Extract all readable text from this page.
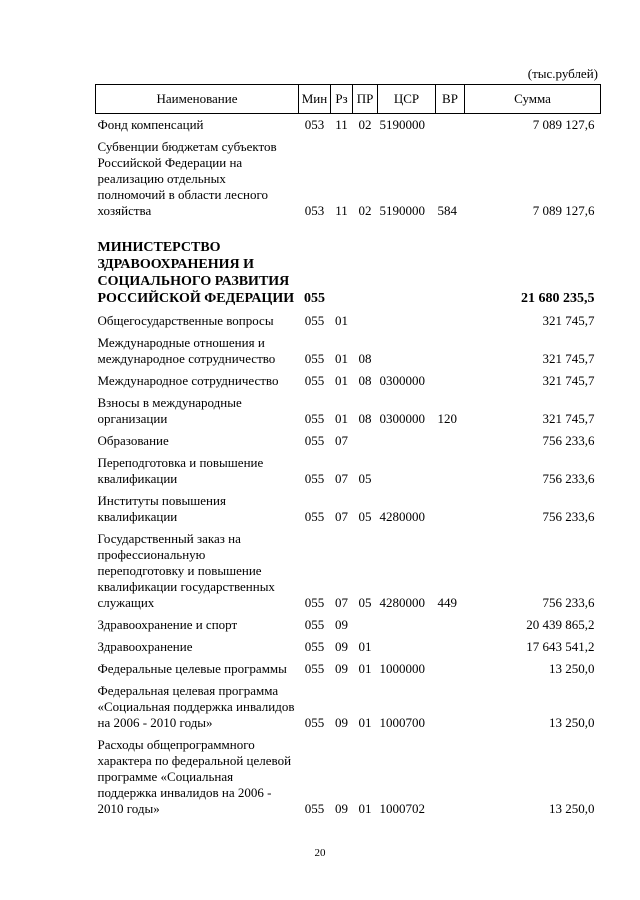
(тыс.рублей)
Наименование	Мин	Рз	ПР	ЦСР	ВР	Сумма
Фонд компенсаций	053	11	02	5190000		7 089 127,6
Субвенции бюджетам субъектов Российской Федерации на реализацию отдельных полномочий в области лесного хозяйства	053	11	02	5190000	584	7 089 127,6

МИНИСТЕРСТВО ЗДРАВООХРАНЕНИЯ И СОЦИАЛЬНОГО РАЗВИТИЯ РОССИЙСКОЙ ФЕДЕРАЦИИ	055					21 680 235,5
Общегосударственные вопросы	055	01				321 745,7
Международные отношения и международное сотрудничество	055	01	08			321 745,7
Международное сотрудничество	055	01	08	0300000		321 745,7
Взносы в международные организации	055	01	08	0300000	120	321 745,7
Образование	055	07				756 233,6
Переподготовка и повышение квалификации	055	07	05			756 233,6
Институты повышения квалификации	055	07	05	4280000		756 233,6
Государственный заказ на профессиональную переподготовку и повышение квалификации государственных служащих	055	07	05	4280000	449	756 233,6
Здравоохранение и спорт	055	09				20 439 865,2
Здравоохранение	055	09	01			17 643 541,2
Федеральные целевые программы	055	09	01	1000000		13 250,0
Федеральная целевая программа «Социальная поддержка инвалидов на 2006 - 2010 годы»	055	09	01	1000700		13 250,0
Расходы общепрограммного характера по федеральной целевой программе «Социальная поддержка инвалидов на 2006 - 2010 годы»	055	09	01	1000702		13 250,0
20
